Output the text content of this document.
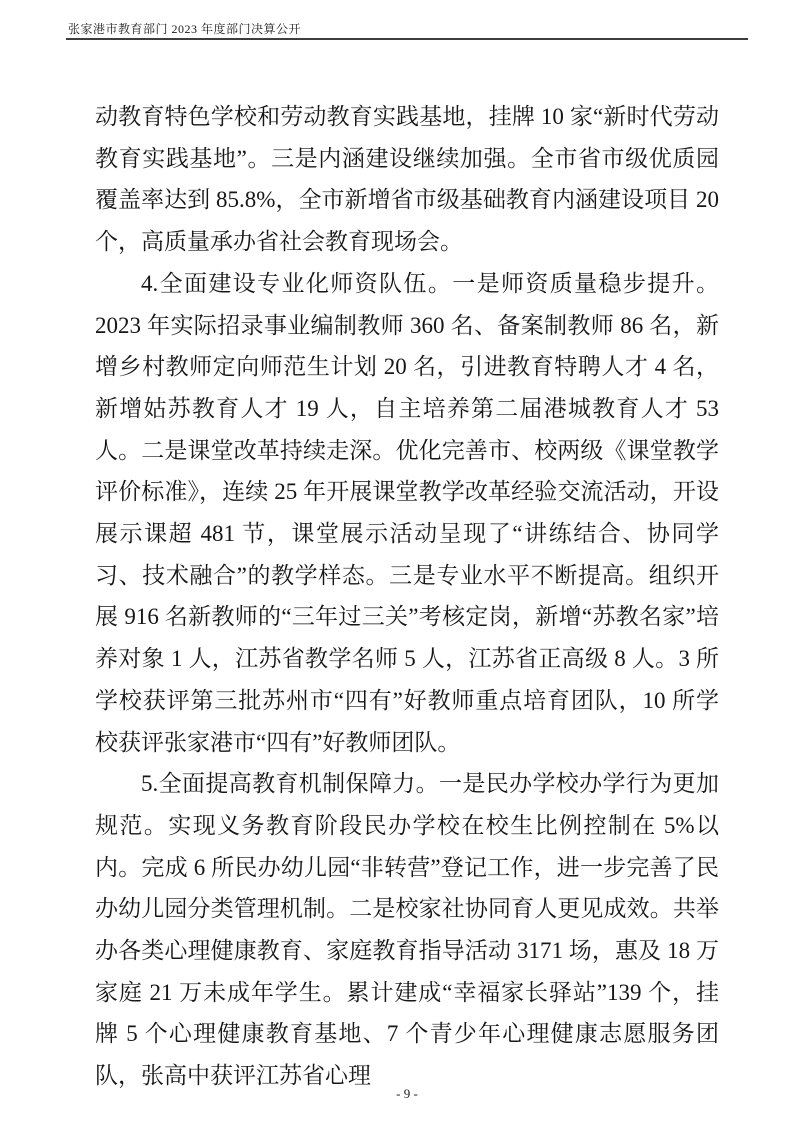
张家港市教育部门 2023 年度部门决算公开

动教育特色学校和劳动教育实践基地，挂牌 10 家“新时代劳动教育实践基地”。三是内涵建设继续加强。全市省市级优质园覆盖率达到 85.8%，全市新增省市级基础教育内涵建设项目 20 个，高质量承办省社会教育现场会。

4.全面建设专业化师资队伍。一是师资质量稳步提升。2023 年实际招录事业编制教师 360 名、备案制教师 86 名，新增乡村教师定向师范生计划 20 名，引进教育特聘人才 4 名，新增姑苏教育人才 19 人，自主培养第二届港城教育人才 53 人。二是课堂改革持续走深。优化完善市、校两级《课堂教学评价标准》，连续 25 年开展课堂教学改革经验交流活动，开设展示课超 481 节，课堂展示活动呈现了“讲练结合、协同学习、技术融合”的教学样态。三是专业水平不断提高。组织开展 916 名新教师的“三年过三关”考核定岗，新增“苏教名家”培养对象 1 人，江苏省教学名师 5 人，江苏省正高级 8 人。3 所学校获评第三批苏州市“四有”好教师重点培育团队，10 所学校获评张家港市“四有”好教师团队。

5.全面提高教育机制保障力。一是民办学校办学行为更加规范。实现义务教育阶段民办学校在校生比例控制在 5%以内。完成 6 所民办幼儿园“非转营”登记工作，进一步完善了民办幼儿园分类管理机制。二是校家社协同育人更见成效。共举办各类心理健康教育、家庭教育指导活动 3171 场，惠及 18 万家庭 21 万未成年学生。累计建成“幸福家长驿站”139 个，挂牌 5 个心理健康教育基地、7 个青少年心理健康志愿服务团队，张高中获评江苏省心理

- 9 -
